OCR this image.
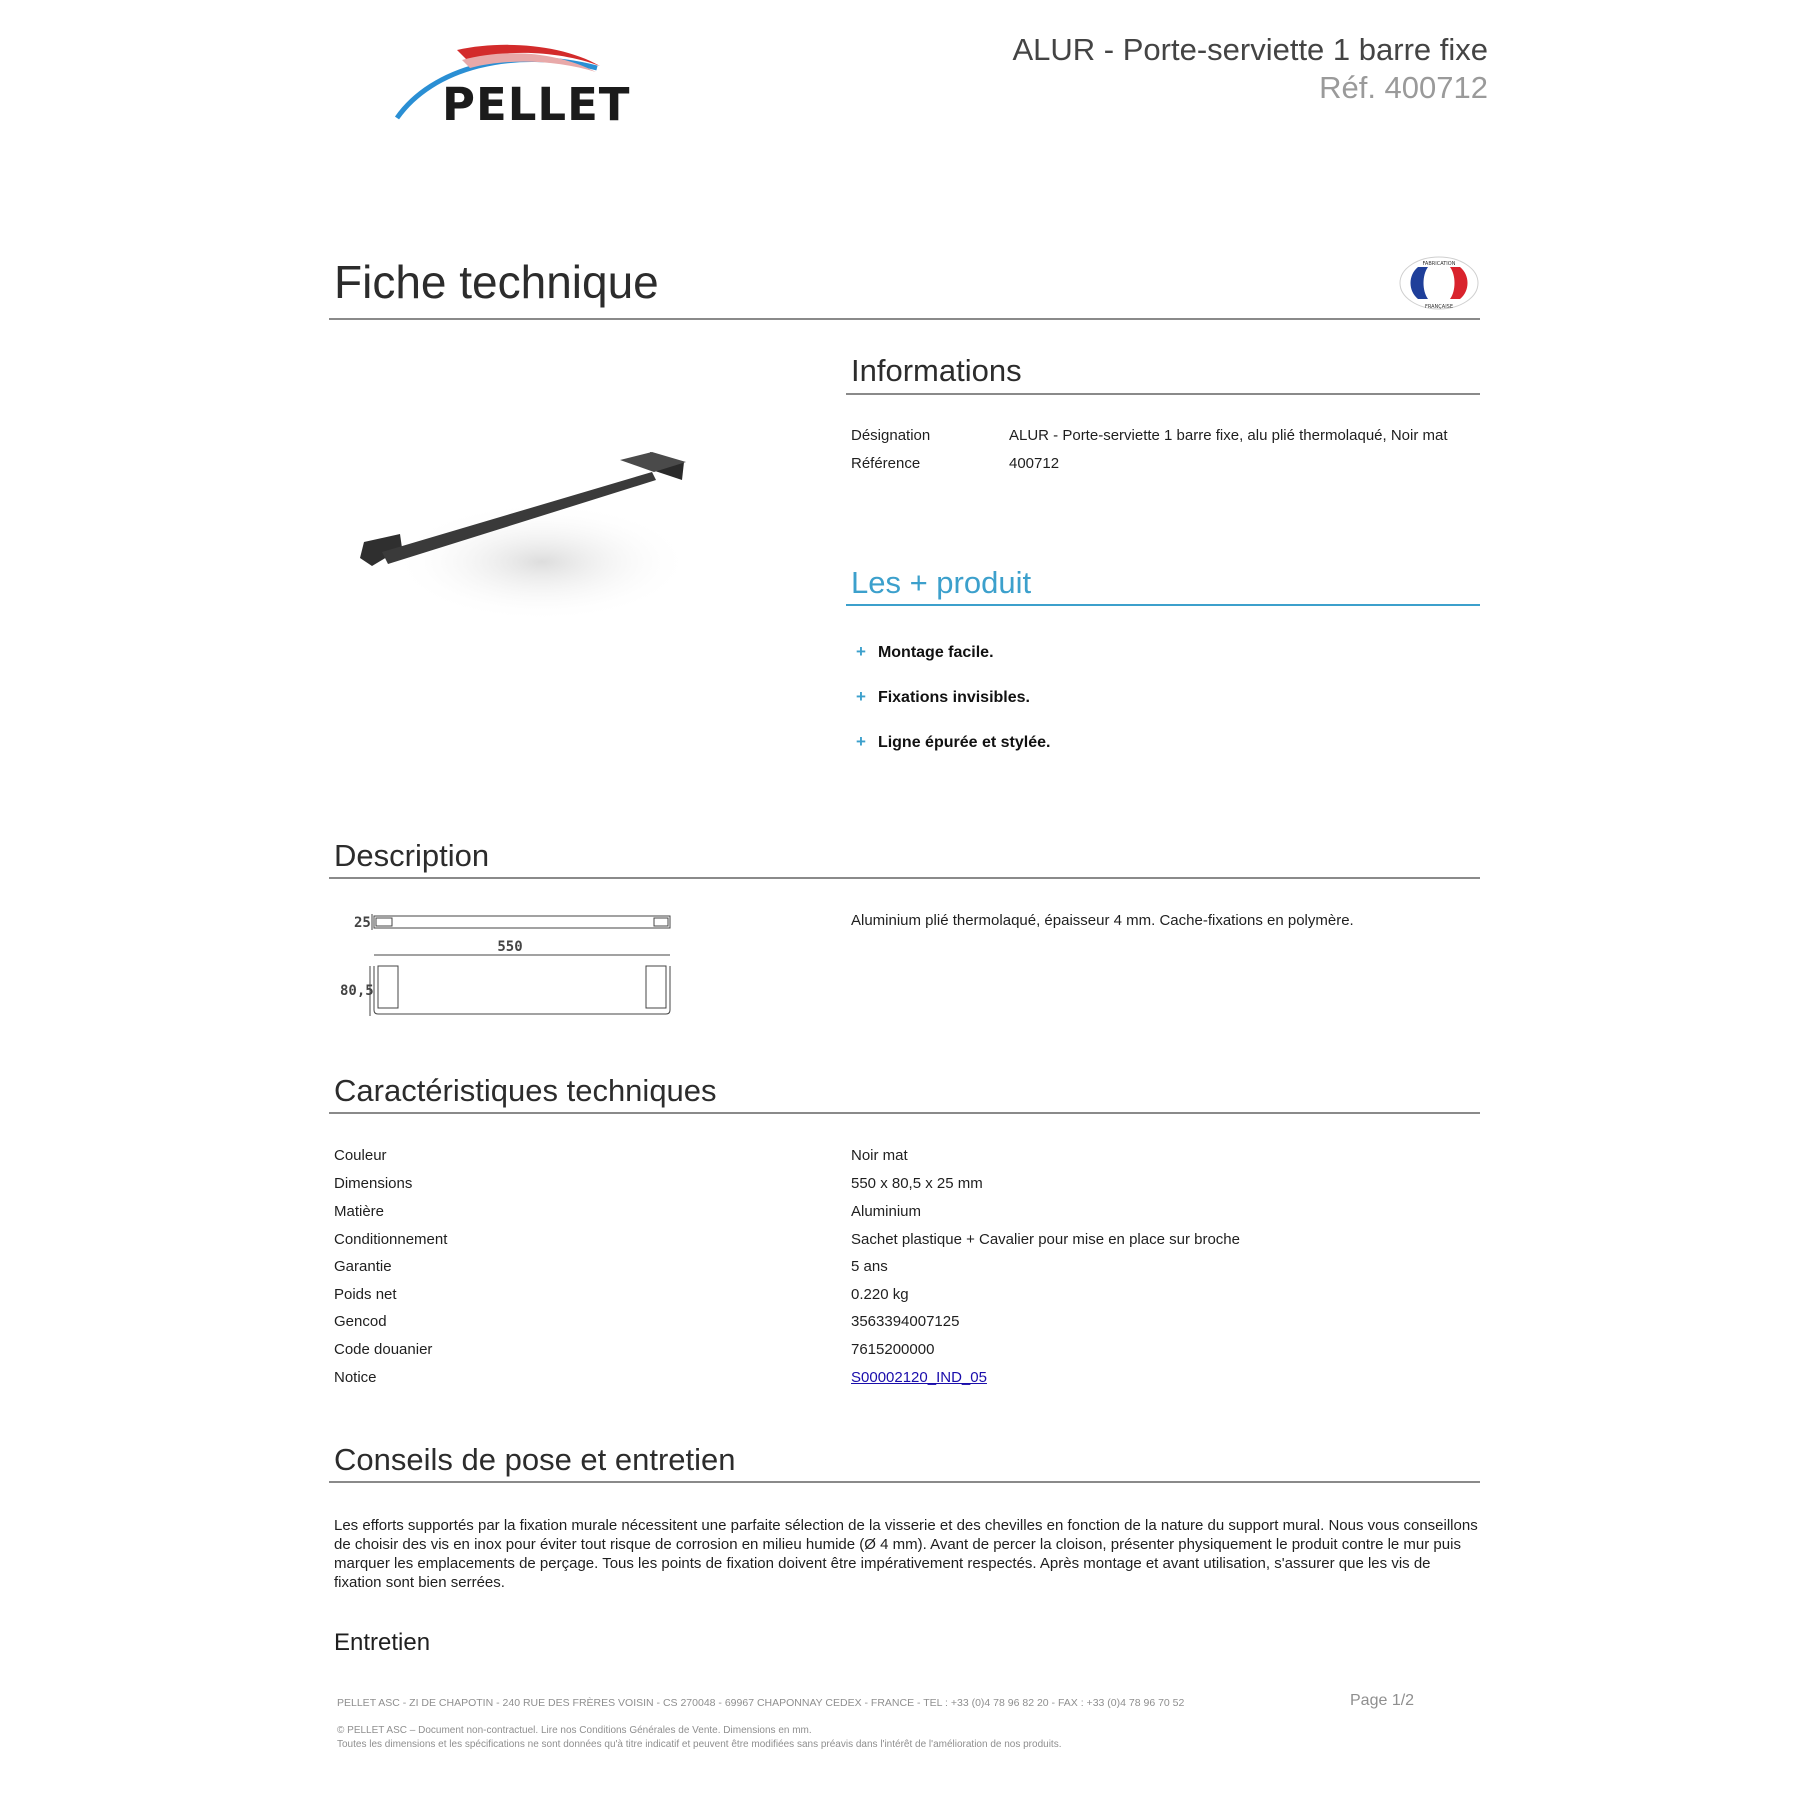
PELLET
ALUR - Porte-serviette 1 barre fixe
Réf. 400712
Fiche technique	FABRICATION
FRANÇAISE
Informations
Désignation	ALUR - Porte-serviette 1 barre fixe, alu plié thermolaqué, Noir mat
Référence	400712
Les + produit
+ Montage facile.
+ Fixations invisibles.
+ Ligne épurée et stylée.
Description
25
550
80,5
Aluminium plié thermolaqué, épaisseur 4 mm. Cache-fixations en polymère.
Caractéristiques techniques
Couleur	Noir mat
Dimensions	550 x 80,5 x 25 mm
Matière	Aluminium
Conditionnement	Sachet plastique + Cavalier pour mise en place sur broche
Garantie	5 ans
Poids net	0.220 kg
Gencod	3563394007125
Code douanier	7615200000
Notice	S00002120_IND_05
Conseils de pose et entretien
Les efforts supportés par la fixation murale nécessitent une parfaite sélection de la visserie et des chevilles en fonction de la nature du support mural. Nous vous conseillons de choisir des vis en inox pour éviter tout risque de corrosion en milieu humide (Ø 4 mm). Avant de percer la cloison, présenter physiquement le produit contre le mur puis marquer les emplacements de perçage. Tous les points de fixation doivent être impérativement respectés. Après montage et avant utilisation, s'assurer que les vis de fixation sont bien serrées.
Entretien
PELLET ASC - ZI DE CHAPOTIN - 240 RUE DES FRÈRES VOISIN - CS 270048 - 69967 CHAPONNAY CEDEX - FRANCE - TEL : +33 (0)4 78 96 82 20 - FAX : +33 (0)4 78 96 70 52	Page 1/2
© PELLET ASC – Document non-contractuel. Lire nos Conditions Générales de Vente. Dimensions en mm.
Toutes les dimensions et les spécifications ne sont données qu'à titre indicatif et peuvent être modifiées sans préavis dans l'intérêt de l'amélioration de nos produits.
